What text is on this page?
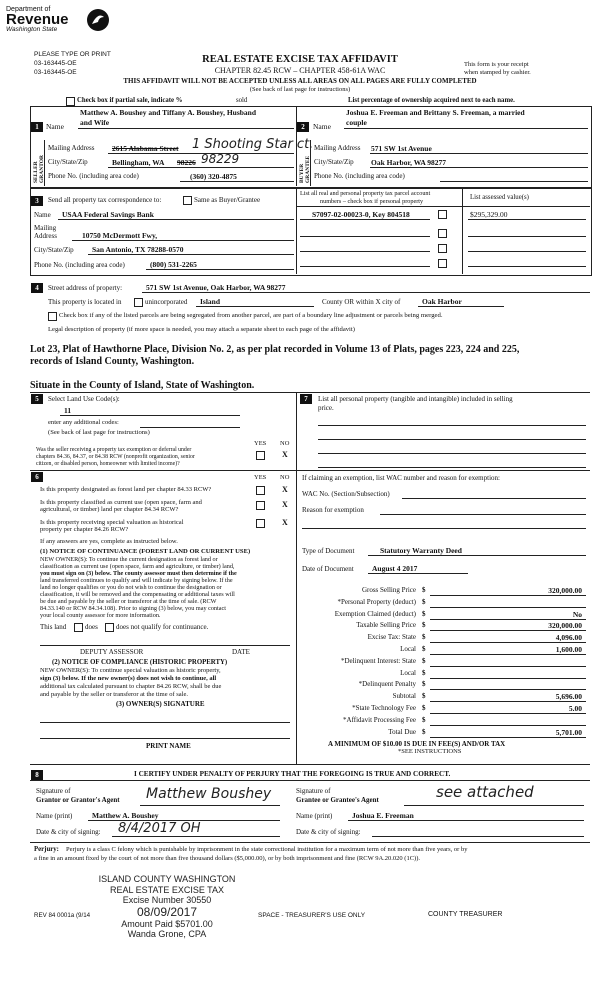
Department of
Revenue
Washington State
PLEASE TYPE OR PRINT
03-163445-OE
03-163445-OE
REAL ESTATE EXCISE TAX AFFIDAVIT
CHAPTER 82.45 RCW – CHAPTER 458-61A WAC
THIS AFFIDAVIT WILL NOT BE ACCEPTED UNLESS ALL AREAS ON ALL PAGES ARE FULLY COMPLETED
(See back of last page for instructions)
This form is your receipt
when stamped by cashier.
Check box if partial sale, indicate %	sold	List percentage of ownership acquired next to each name.
1
SELLER GRANTOR
Name
Matthew A. Boushey and Tiffany A. Boushey, Husband
and Wife
Mailing Address 2615 Alabama Street 1 Shooting Star ct.
City/State/Zip	Bellingham, WA 98226 98229
Phone No. (including area code)	(360) 320-4875
2
BUYER GRANTEE
Name
Joshua E. Freeman and Brittany S. Freeman, a married
couple
Mailing Address 571 SW 1st Avenue
City/State/Zip Oak Harbor, WA 98277
Phone No. (including area code)
3	Send all property tax correspondence to:	Same as Buyer/Grantee
Name USAA Federal Savings Bank
Mailing
Address	10750 McDermott Fwy,
City/State/Zip San Antonio, TX 78288-0570
Phone No. (including area code)	(800) 531-2265
List all real and personal property tax parcel account
numbers – check box if personal property
List assessed value(s)
S7097-02-00023-0, Key 804518	$295,329.00
4	Street address of property:	571 SW 1st Avenue, Oak Harbor, WA 98277
This property is located in	unincorporated Island	County OR within X city of	Oak Harbor
Check box if any of the listed parcels are being segregated from another parcel, are part of a boundary line adjustment or parcels being merged.
Legal description of property (if more space is needed, you may attach a separate sheet to each page of the affidavit)
Lot 23, Plat of Hawthorne Place, Division No. 2, as per plat recorded in Volume 13 of Plats, pages 223, 224 and 225,
records of Island County, Washington.
Situate in the County of Island, State of Washington.
5	Select Land Use Code(s):
11
enter any additional codes:
(See back of last page for instructions)
YES NO
Was the seller receiving a property tax exemption or deferral under
chapters 84.36, 84.37, or 84.38 RCW (nonprofit organization, senior
citizen, or disabled person, homeowner with limited income)?
X
6	YES NO
Is this property designated as forest land per chapter 84.33 RCW?	X
Is this property classified as current use (open space, farm and
agricultural, or timber) land per chapter 84.34 RCW?
X
Is this property receiving special valuation as historical
property per chapter 84.26 RCW?
X
If any answers are yes, complete as instructed below.
(1) NOTICE OF CONTINUANCE (FOREST LAND OR CURRENT USE)
NEW OWNER(S): To continue the current designation as forest land or
classification as current use (open space, farm and agriculture, or timber) land,
you must sign on (3) below. The county assessor must then determine if the
land transferred continues to qualify and will indicate by signing below. If the
land no longer qualifies or you do not wish to continue the designation or
classification, it will be removed and the compensating or additional taxes will
be due and payable by the seller or transferor at the time of sale. (RCW
84.33.140 or RCW 84.34.108). Prior to signing (3) below, you may contact
your local county assessor for more information.
This land	does	does not qualify for continuance.
DEPUTY ASSESSOR	DATE
(2) NOTICE OF COMPLIANCE (HISTORIC PROPERTY)
NEW OWNER(S): To continue special valuation as historic property,
sign (3) below. If the new owner(s) does not wish to continue, all
additional tax calculated pursuant to chapter 84.26 RCW, shall be due
and payable by the seller or transferor at the time of sale.
(3) OWNER(S) SIGNATURE
PRINT NAME
7	List all personal property (tangible and intangible) included in selling
price.
If claiming an exemption, list WAC number and reason for exemption:
WAC No. (Section/Subsection)
Reason for exemption
Type of Document	Statutory Warranty Deed
Date of Document August 4 2017
Gross Selling Price $	320,000.00
*Personal Property (deduct) $
Exemption Claimed (deduct) $	No
Taxable Selling Price $	320,000.00
Excise Tax: State $	4,096.00
Local $	1,600.00
*Delinquent Interest: State $
Local $
*Delinquent Penalty $
Subtotal $	5,696.00
*State Technology Fee $	5.00
*Affidavit Processing Fee $
Total Due $	5,701.00
A MINIMUM OF $10.00 IS DUE IN FEE(S) AND/OR TAX
*SEE INSTRUCTIONS
8	I CERTIFY UNDER PENALTY OF PERJURY THAT THE FOREGOING IS TRUE AND CORRECT.
Signature of
Grantor or Grantor's Agent Matthew Boushey
Name (print)	Matthew A. Boushey
Date & city of signing: 8/4/2017 OH
Signature of
Grantee or Grantee's Agent	see attached
Name (print)	Joshua E. Freeman
Date & city of signing:
Perjury: Perjury is a class C felony which is punishable by imprisonment in the state correctional institution for a maximum term of not more than five years, or by
a fine in an amount fixed by the court of not more than five thousand dollars ($5,000.00), or by both imprisonment and fine (RCW 9A.20.020 (1C)).
ISLAND COUNTY WASHINGTON
REAL ESTATE EXCISE TAX
Excise Number 30550
08/09/2017
Amount Paid $5701.00
Wanda Grone, CPA
REV 84 0001a (9/14	SPACE - TREASURER'S USE ONLY	COUNTY TREASURER
